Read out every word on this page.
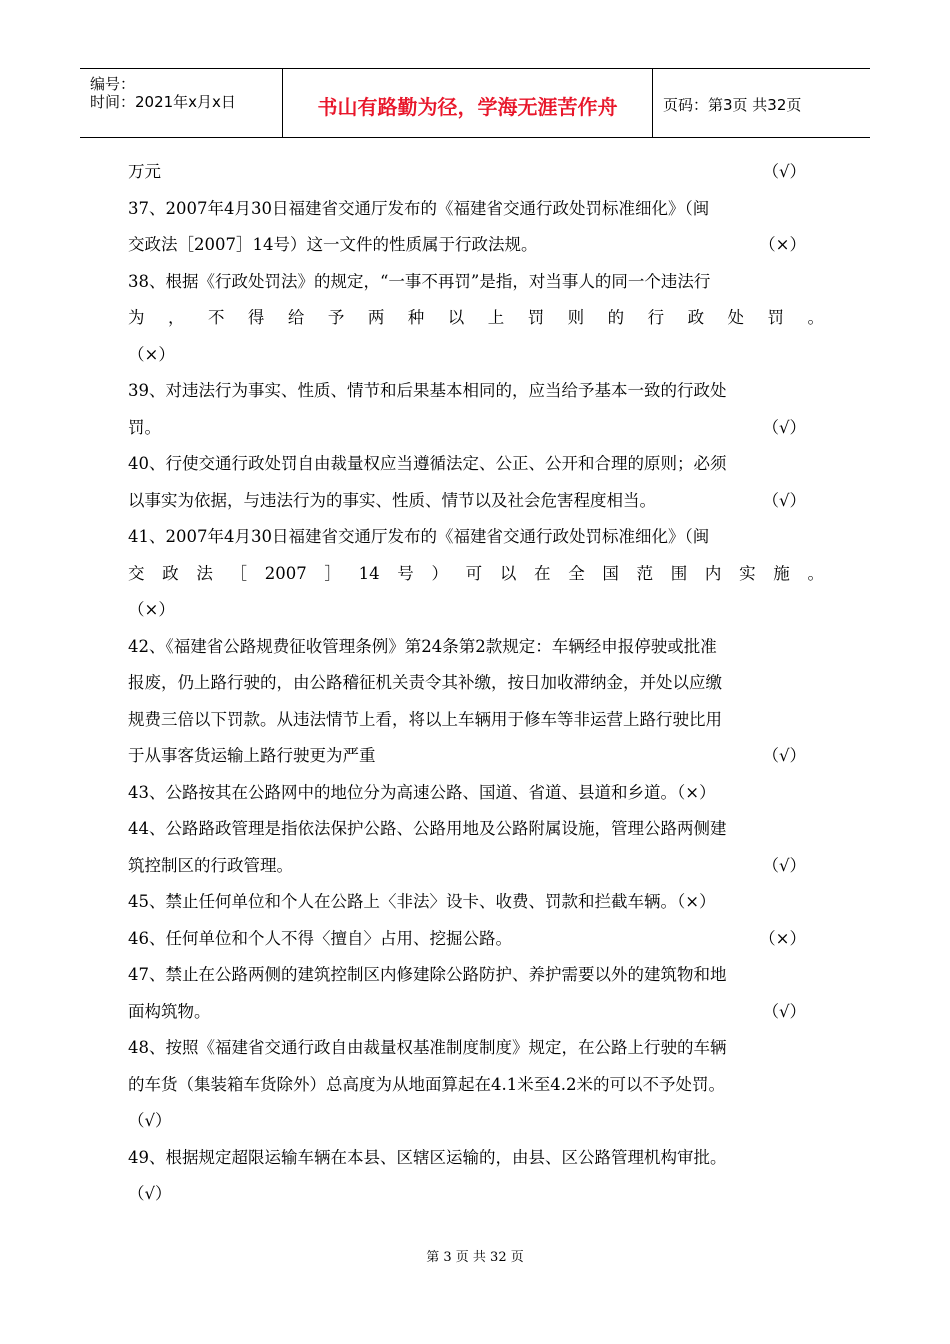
编号：
时间：2021年x月x日	书山有路勤为径，学海无涯苦作舟	页码：第3页 共32页
万元	（√）
37、2007年4月30日福建省交通厅发布的《福建省交通行政处罚标准细化》（闽
交政法［2007］14号）这一文件的性质属于行政法规。	（×）
38、根据《行政处罚法》的规定，“一事不再罚”是指，对当事人的同一个违法行
为，不得给予两种以上罚则的行政处罚。
（×）
39、对违法行为事实、性质、情节和后果基本相同的，应当给予基本一致的行政处
罚。	（√）
40、行使交通行政处罚自由裁量权应当遵循法定、公正、公开和合理的原则；必须
以事实为依据，与违法行为的事实、性质、情节以及社会危害程度相当。	（√）
41、2007年4月30日福建省交通厅发布的《福建省交通行政处罚标准细化》（闽
交政法［2007］14号）可以在全国范围内实施。
（×）
42、《福建省公路规费征收管理条例》第24条第2款规定：车辆经申报停驶或批准
报废，仍上路行驶的，由公路稽征机关责令其补缴，按日加收滞纳金，并处以应缴
规费三倍以下罚款。从违法情节上看，将以上车辆用于修车等非运营上路行驶比用
于从事客货运输上路行驶更为严重	（√）
43、公路按其在公路网中的地位分为高速公路、国道、省道、县道和乡道。（×）
44、公路路政管理是指依法保护公路、公路用地及公路附属设施，管理公路两侧建
筑控制区的行政管理。	（√）
45、禁止任何单位和个人在公路上〈非法〉设卡、收费、罚款和拦截车辆。（×）
46、任何单位和个人不得〈擅自〉占用、挖掘公路。	（×）
47、禁止在公路两侧的建筑控制区内修建除公路防护、养护需要以外的建筑物和地
面构筑物。	（√）
48、按照《福建省交通行政自由裁量权基准制度制度》规定，在公路上行驶的车辆
的车货（集装箱车货除外）总高度为从地面算起在4.1米至4.2米的可以不予处罚。
（√）
49、根据规定超限运输车辆在本县、区辖区运输的，由县、区公路管理机构审批。
（√）
第 3 页 共 32 页
